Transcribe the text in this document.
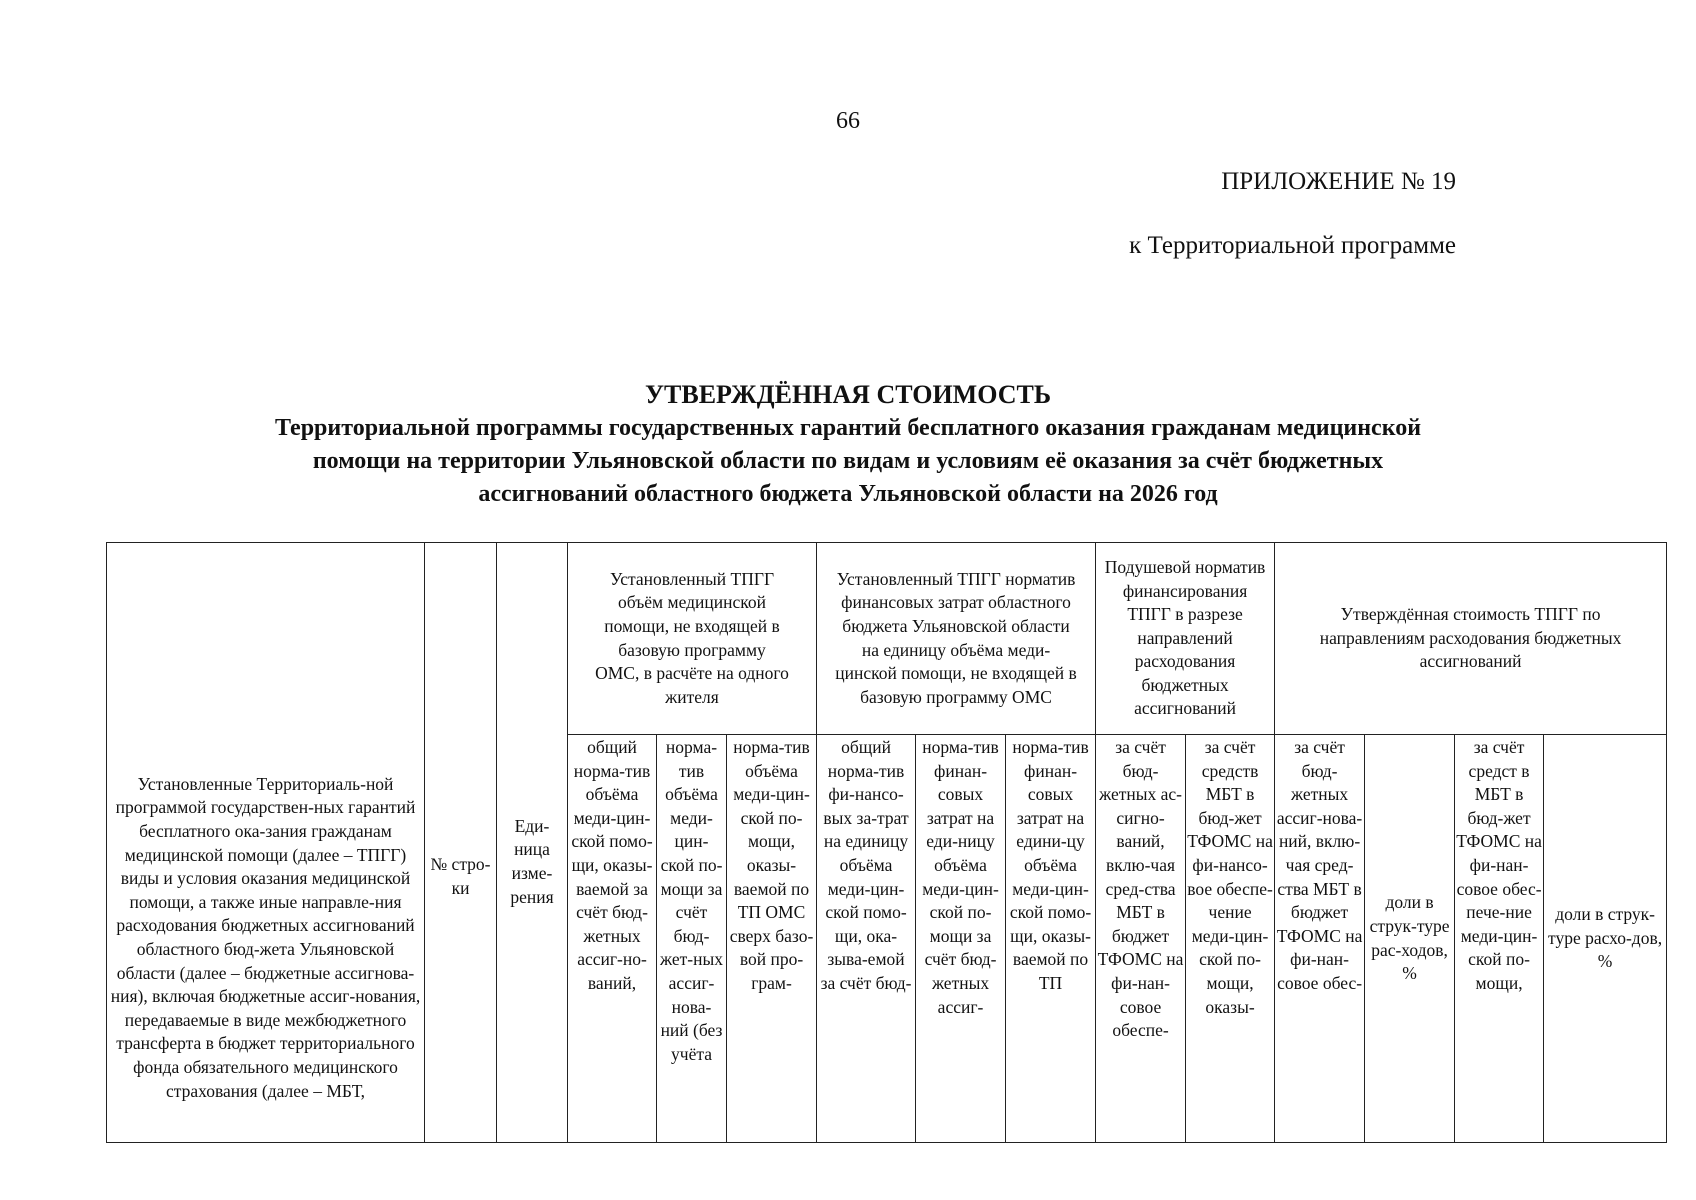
66
ПРИЛОЖЕНИЕ № 19
к Территориальной программе
УТВЕРЖДЁННАЯ СТОИМОСТЬ
Территориальной программы государственных гарантий бесплатного оказания гражданам медицинской помощи на территории Ульяновской области по видам и условиям её оказания за счёт бюджетных ассигнований областного бюджета Ульяновской области на 2026 год
Установленные Территориаль-ной программой государствен-ных гарантий бесплатного ока-зания гражданам медицинской помощи (далее – ТПГГ) виды и условия оказания медицинской помощи, а также иные направле-ния расходования бюджетных ассигнований областного бюд-жета Ульяновской области (далее – бюджетные ассигнова-ния), включая бюджетные ассиг-нования, передаваемые в виде межбюджетного трансферта в бюджет территориального фонда обязательного медицинского страхования (далее – МБТ,	№ стро-ки	Еди-ница изме-рения	Установленный ТПГГ объём медицинской помощи, не входящей в базовую программу ОМС, в расчёте на одного жителя			Установленный ТПГГ норматив финансовых затрат областного бюджета Ульяновской области на единицу объёма меди-цинской помощи, не входящей в базовую программу ОМС			Подушевой норматив финансирования ТПГГ в разрезе направлений расходования бюджетных ассигнований		Утверждённая стоимость ТПГГ по направлениям расходования бюджетных ассигнований			
			общий норма-тив объёма меди-цин-ской помо-щи, оказы-ваемой за счёт бюд-жетных ассиг-но-ваний,	норма-тив объёма меди-цин-ской по-мощи за счёт бюд-жет-ных ассиг-нова-ний (без учёта	норма-тив объёма меди-цин-ской по-мощи, оказы-ваемой по ТП ОМС сверх базо-вой про-грам-	общий норма-тив фи-нансо-вых за-трат на единицу объёма меди-цин-ской помо-щи, ока-зыва-емой за счёт бюд-	норма-тив финан-совых затрат на еди-ницу объёма меди-цин-ской по-мощи за счёт бюд-жетных ассиг-	норма-тив финан-совых затрат на едини-цу объёма меди-цин-ской помо-щи, оказы-ваемой по ТП	за счёт бюд-жетных ас-сигно-ваний, вклю-чая сред-ства МБТ в бюджет ТФОМС на фи-нан-совое обеспе-	за счёт средств МБТ в бюд-жет ТФОМС на фи-нансо-вое обеспе-чение меди-цин-ской по-мощи, оказы-	за счёт бюд-жетных ассиг-нова-ний, вклю-чая сред-ства МБТ в бюджет ТФОМС на фи-нан-совое обес-	доли в струк-туре рас-ходов, %	за счёт средст в МБТ в бюд-жет ТФОМС на фи-нан-совое обес-пече-ние меди-цин-ской по-мощи,	доли в струк-туре расхо-дов, %
